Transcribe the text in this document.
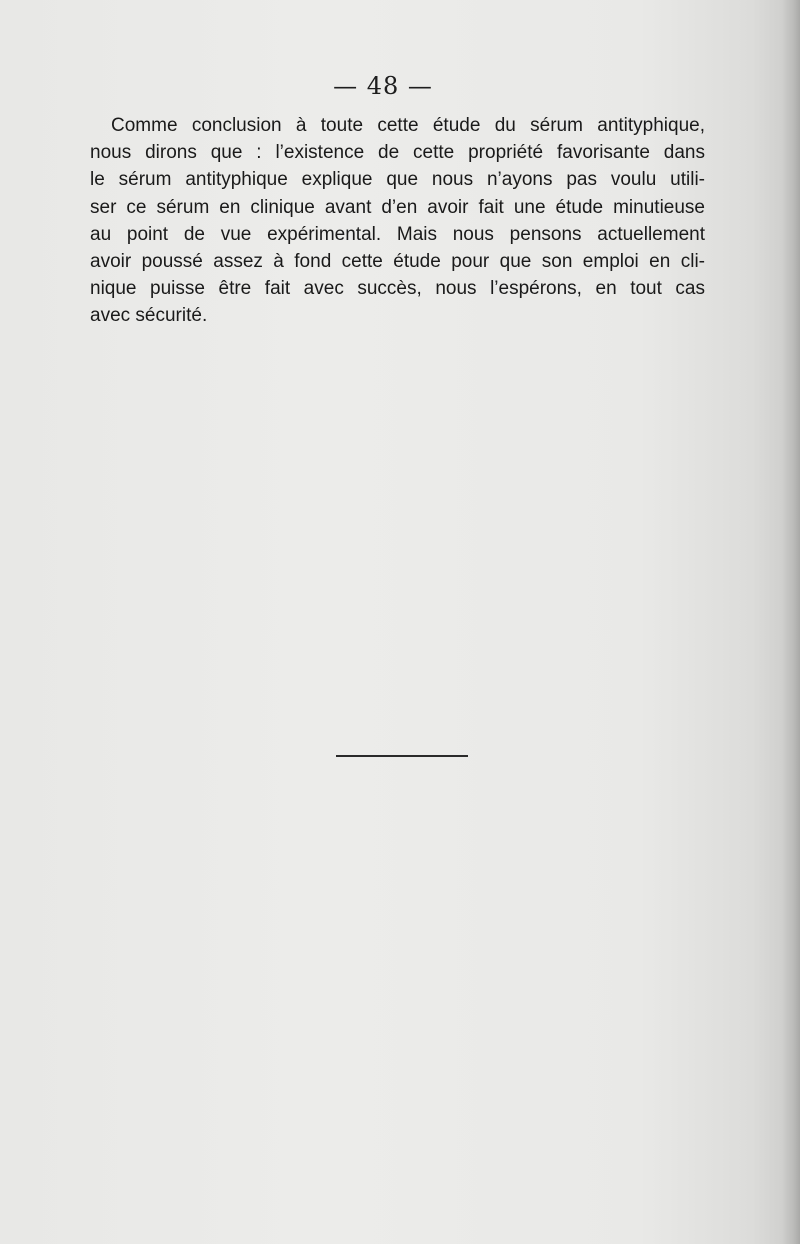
— 48 —
Comme conclusion à toute cette étude du sérum antityphique,
nous dirons que : l’existence de cette propriété favorisante dans
le sérum antityphique explique que nous n’ayons pas voulu utili-
ser ce sérum en clinique avant d’en avoir fait une étude minutieuse
au point de vue expérimental. Mais nous pensons actuellement
avoir poussé assez à fond cette étude pour que son emploi en cli-
nique puisse être fait avec succès, nous l’espérons, en tout cas
avec sécurité.
